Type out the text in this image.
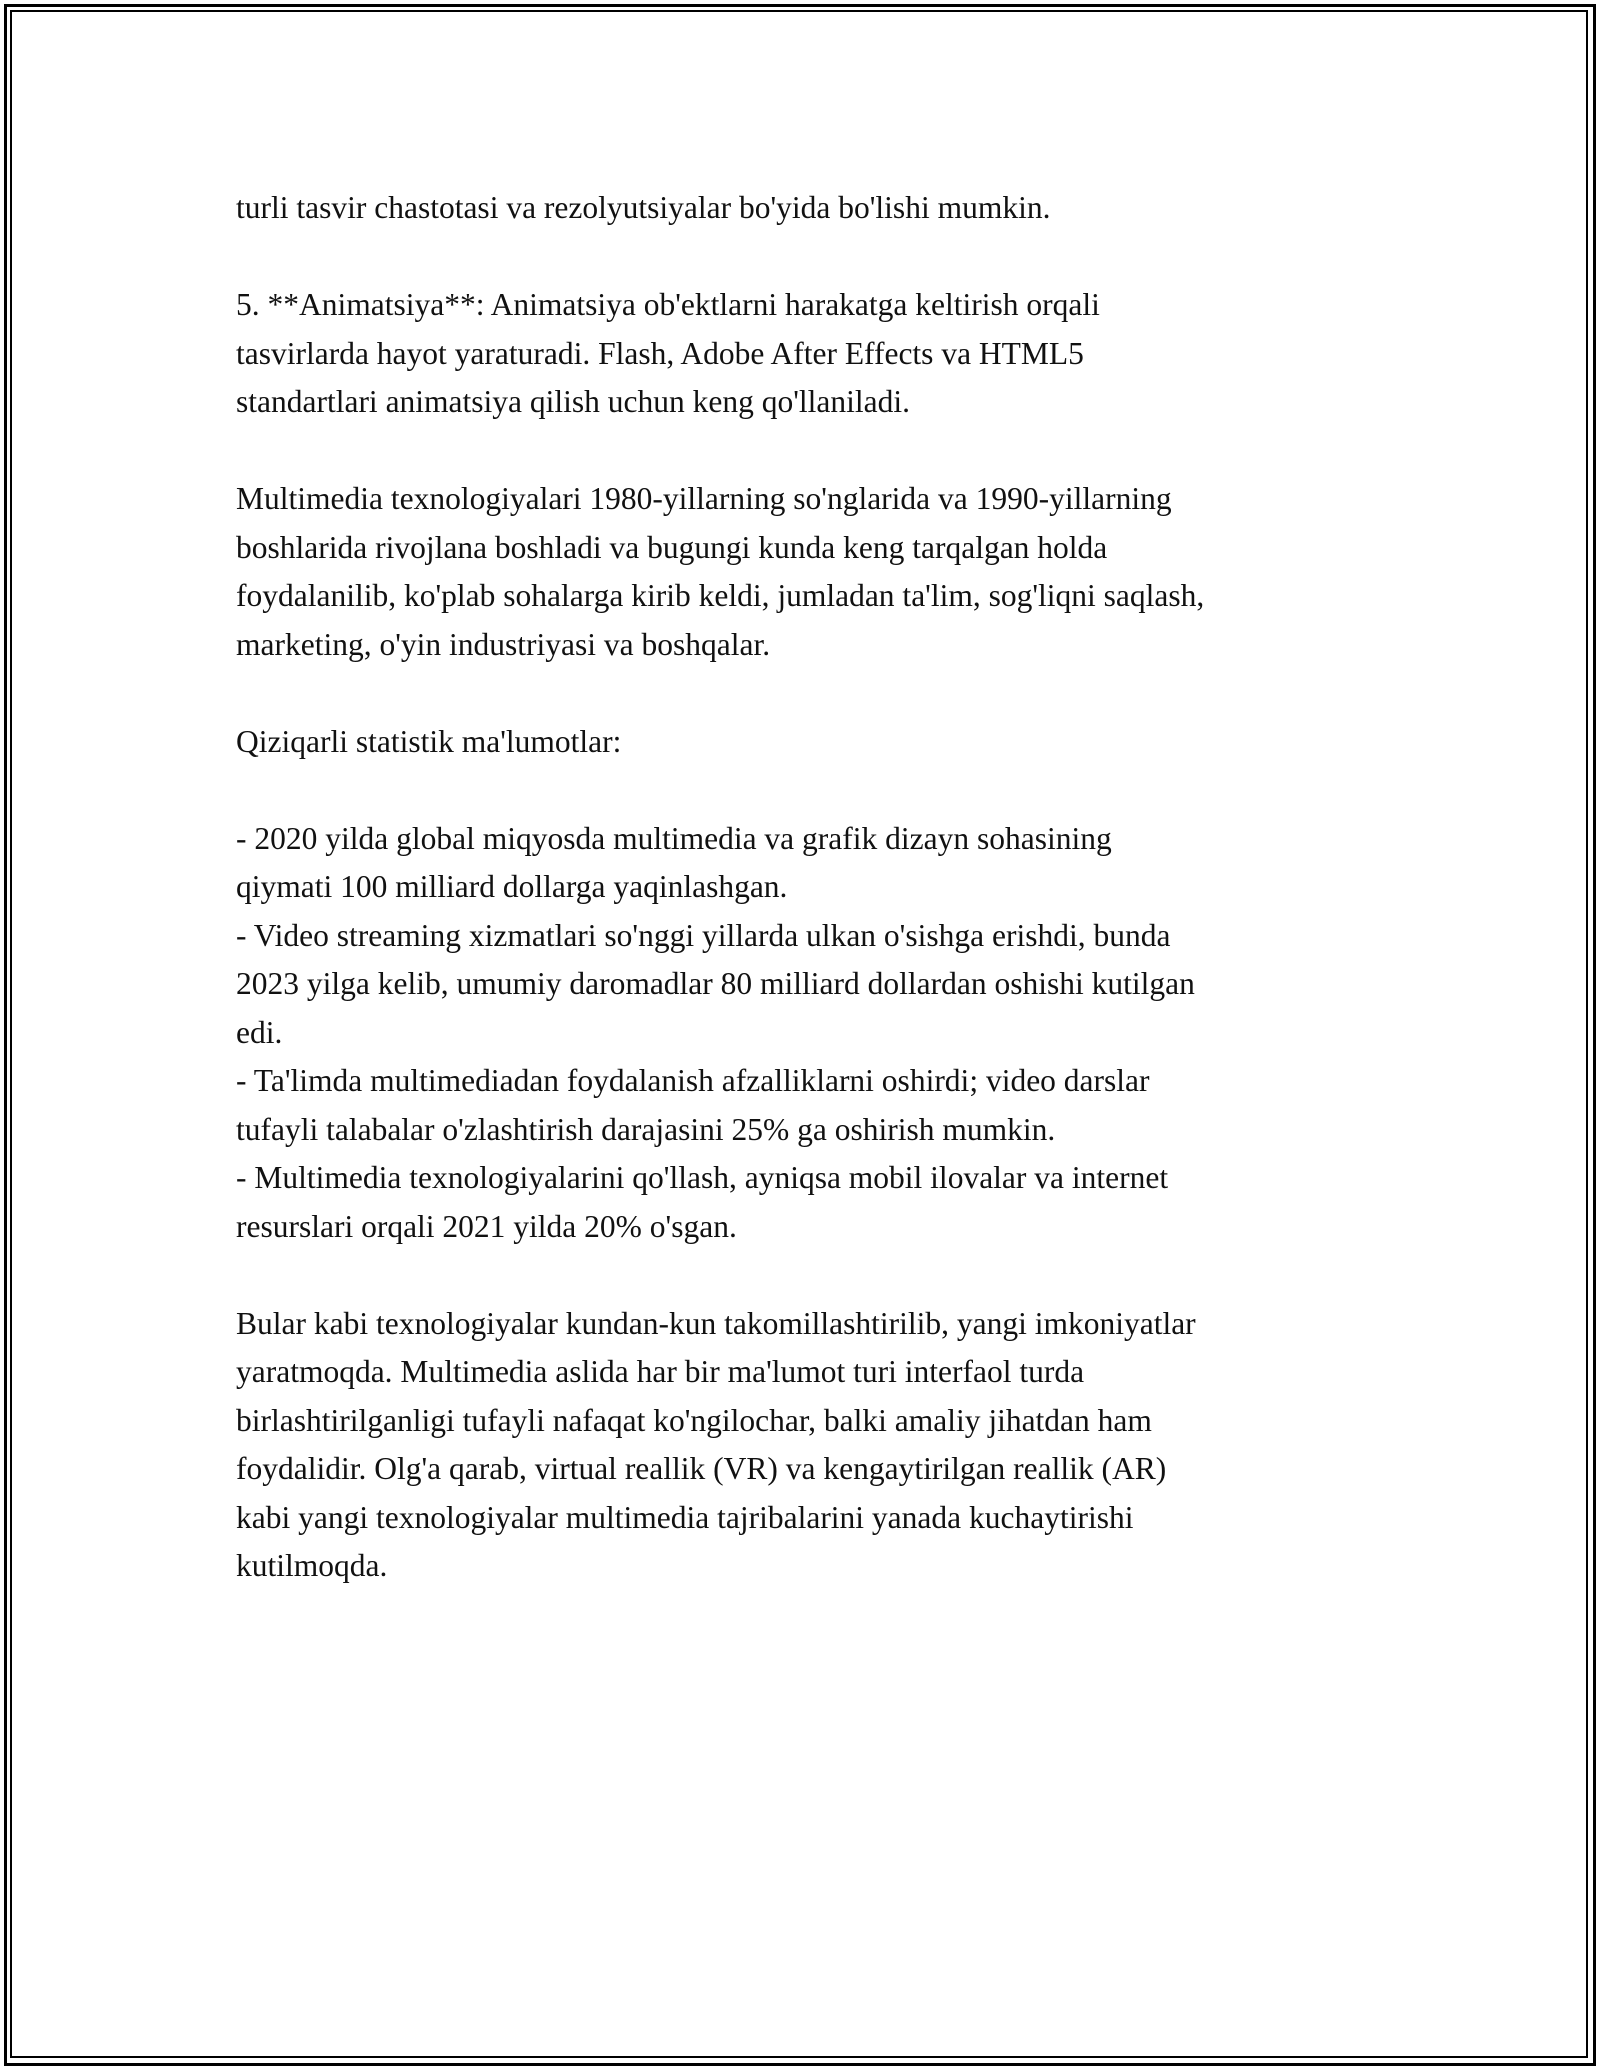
turli tasvir chastotasi va rezolyutsiyalar bo'yida bo'lishi mumkin.

5. **Animatsiya**: Animatsiya ob'ektlarni harakatga keltirish orqali
tasvirlarda hayot yaraturadi. Flash, Adobe After Effects va HTML5
standartlari animatsiya qilish uchun keng qo'llaniladi.

Multimedia texnologiyalari 1980-yillarning so'nglarida va 1990-yillarning
boshlarida rivojlana boshladi va bugungi kunda keng tarqalgan holda
foydalanilib, ko'plab sohalarga kirib keldi, jumladan ta'lim, sog'liqni saqlash,
marketing, o'yin industriyasi va boshqalar.

Qiziqarli statistik ma'lumotlar:

- 2020 yilda global miqyosda multimedia va grafik dizayn sohasining
qiymati 100 milliard dollarga yaqinlashgan.
- Video streaming xizmatlari so'nggi yillarda ulkan o'sishga erishdi, bunda
2023 yilga kelib, umumiy daromadlar 80 milliard dollardan oshishi kutilgan
edi.
- Ta'limda multimediadan foydalanish afzalliklarni oshirdi; video darslar
tufayli talabalar o'zlashtirish darajasini 25% ga oshirish mumkin.
- Multimedia texnologiyalarini qo'llash, ayniqsa mobil ilovalar va internet
resurslari orqali 2021 yilda 20% o'sgan.

Bular kabi texnologiyalar kundan-kun takomillashtirilib, yangi imkoniyatlar
yaratmoqda. Multimedia aslida har bir ma'lumot turi interfaol turda
birlashtirilganligi tufayli nafaqat ko'ngilochar, balki amaliy jihatdan ham
foydalidir. Olg'a qarab, virtual reallik (VR) va kengaytirilgan reallik (AR)
kabi yangi texnologiyalar multimedia tajribalarini yanada kuchaytirishi
kutilmoqda.
